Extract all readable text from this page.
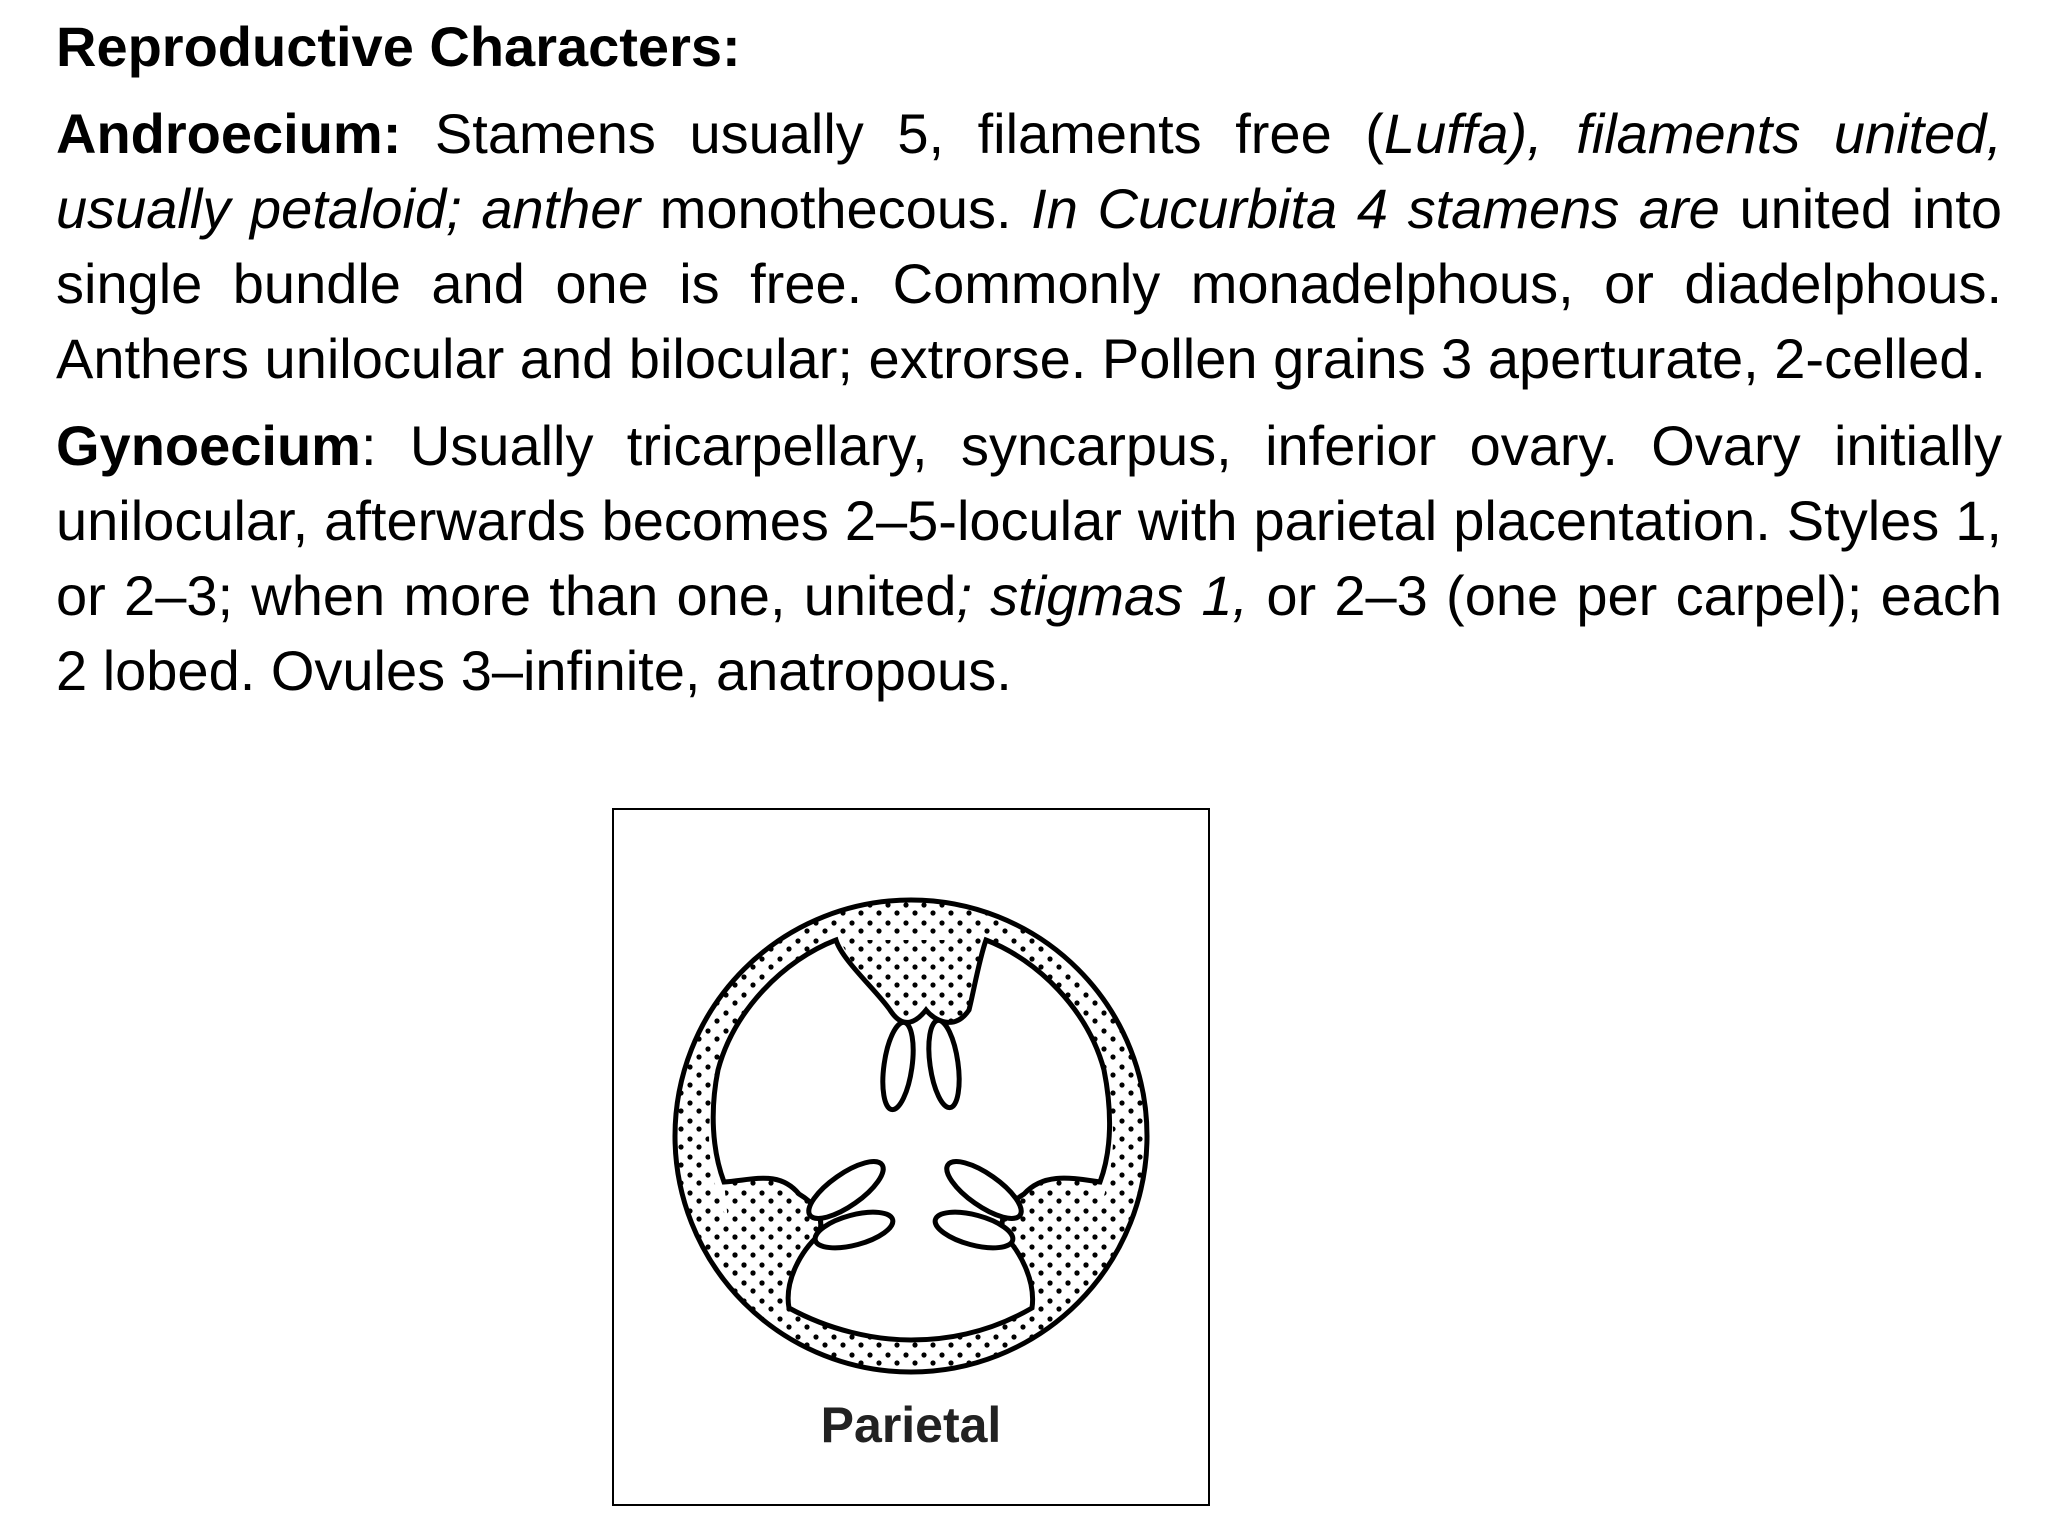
Reproductive Characters:

Androecium: Stamens usually 5, filaments free (Luffa), filaments united, usually petaloid; anther monothecous. In Cucurbita 4 stamens are united into single bundle and one is free. Commonly monadelphous, or diadelphous. Anthers unilocular and bilocular; extrorse. Pollen grains 3 aperturate, 2-celled.

Gynoecium: Usually tricarpellary, syncarpus, inferior ovary. Ovary initially unilocular, afterwards becomes 2–5-locular with parietal placentation. Styles 1, or 2–3; when more than one, united; stigmas 1, or 2–3 (one per carpel); each 2 lobed. Ovules 3–infinite, anatropous.

Parietal
